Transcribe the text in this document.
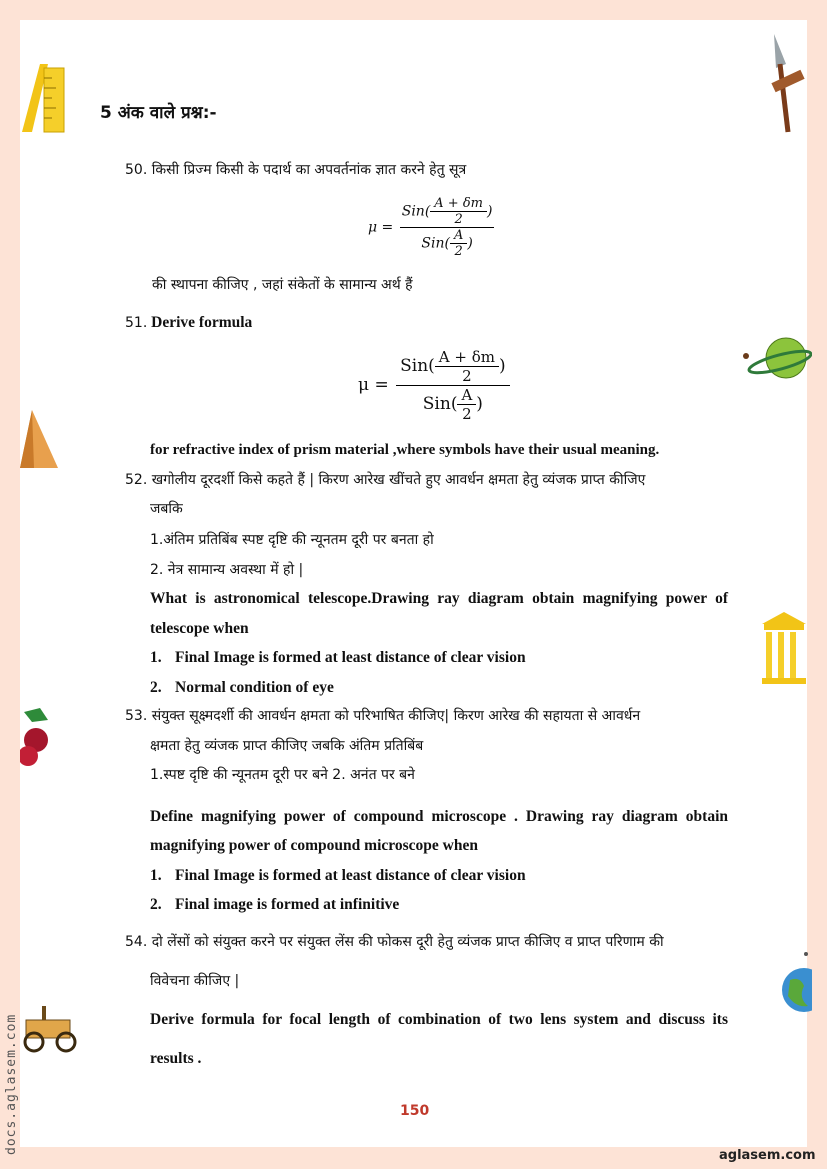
5 अंक वाले प्रश्न:-
50. किसी प्रिज्म किसी के पदार्थ का अपवर्तनांक ज्ञात करने हेतु सूत्र
$\mu = \frac{Sin( \frac{A + \delta m}{2} )}{Sin( \frac{A}{2} )}$
की स्थापना कीजिए , जहां संकेतों के सामान्य अर्थ हैं
51. Derive formula
$\mu = \frac{Sin( \frac{A + \delta m}{2} )}{Sin( \frac{A}{2} )}$
for refractive index of prism material ,where symbols have their usual meaning.
52. खगोलीय दूरदर्शी किसे कहते हैं | किरण आरेख खींचते हुए आवर्धन क्षमता हेतु व्यंजक प्राप्त कीजिए
जबकि
1.अंतिम प्रतिबिंब स्पष्ट दृष्टि की न्यूनतम दूरी पर बनता हो
2. नेत्र सामान्य अवस्था में हो |
What is astronomical telescope.Drawing ray diagram obtain magnifying power of
telescope when
1. Final Image is formed at least distance of clear vision
2. Normal condition of eye
53. संयुक्त सूक्ष्मदर्शी की आवर्धन क्षमता को परिभाषित कीजिए| किरण आरेख की सहायता से आवर्धन
क्षमता हेतु व्यंजक प्राप्त कीजिए जबकि अंतिम प्रतिबिंब
1.स्पष्ट दृष्टि की न्यूनतम दूरी पर बने 2. अनंत पर बने
Define magnifying power of compound microscope . Drawing ray diagram obtain
magnifying power of compound microscope when
1. Final Image is formed at least distance of clear vision
2. Final image is formed at infinitive
54. दो लेंसों को संयुक्त करने पर संयुक्त लेंस की फोकस दूरी हेतु व्यंजक प्राप्त कीजिए व प्राप्त परिणाम की
विवेचना कीजिए |
Derive formula for focal length of combination of two lens system and discuss its
results .
150
docs.aglasem.com
aglasem.com
